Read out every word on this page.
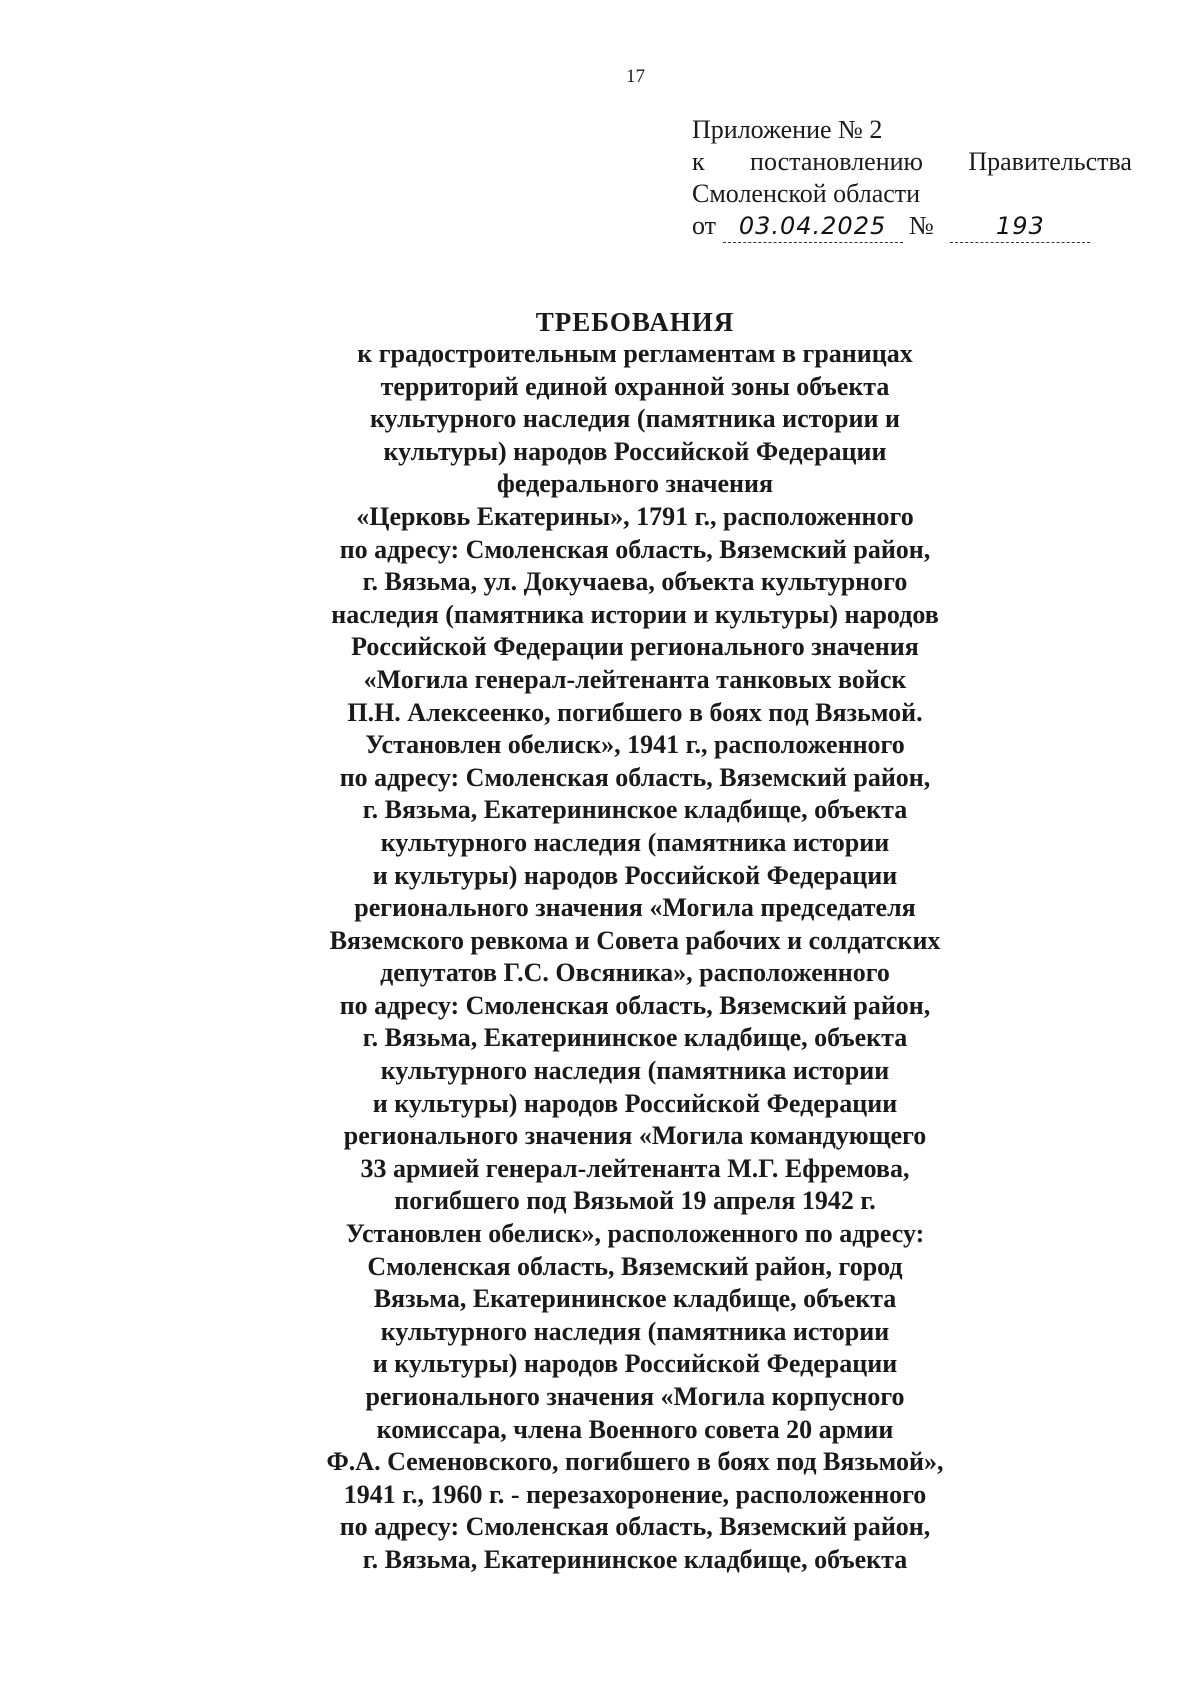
17
Приложение № 2
к постановлению Правительства
Смоленской области
от 03.04.2025 №	193
ТРЕБОВАНИЯ
к градостроительным регламентам в границах
территорий единой охранной зоны объекта
культурного наследия (памятника истории и
культуры) народов Российской Федерации
федерального значения
«Церковь Екатерины», 1791 г., расположенного
по адресу: Смоленская область, Вяземский район,
г. Вязьма, ул. Докучаева, объекта культурного
наследия (памятника истории и культуры) народов
Российской Федерации регионального значения
«Могила генерал-лейтенанта танковых войск
П.Н. Алексеенко, погибшего в боях под Вязьмой.
Установлен обелиск», 1941 г., расположенного
по адресу: Смоленская область, Вяземский район,
г. Вязьма, Екатерининское кладбище, объекта
культурного наследия (памятника истории
и культуры) народов Российской Федерации
регионального значения «Могила председателя
Вяземского ревкома и Совета рабочих и солдатских
депутатов Г.С. Овсяника», расположенного
по адресу: Смоленская область, Вяземский район,
г. Вязьма, Екатерининское кладбище, объекта
культурного наследия (памятника истории
и культуры) народов Российской Федерации
регионального значения «Могила командующего
33 армией генерал-лейтенанта М.Г. Ефремова,
погибшего под Вязьмой 19 апреля 1942 г.
Установлен обелиск», расположенного по адресу:
Смоленская область, Вяземский район, город
Вязьма, Екатерининское кладбище, объекта
культурного наследия (памятника истории
и культуры) народов Российской Федерации
регионального значения «Могила корпусного
комиссара, члена Военного совета 20 армии
Ф.А. Семеновского, погибшего в боях под Вязьмой»,
1941 г., 1960 г. - перезахоронение, расположенного
по адресу: Смоленская область, Вяземский район,
г. Вязьма, Екатерининское кладбище, объекта
